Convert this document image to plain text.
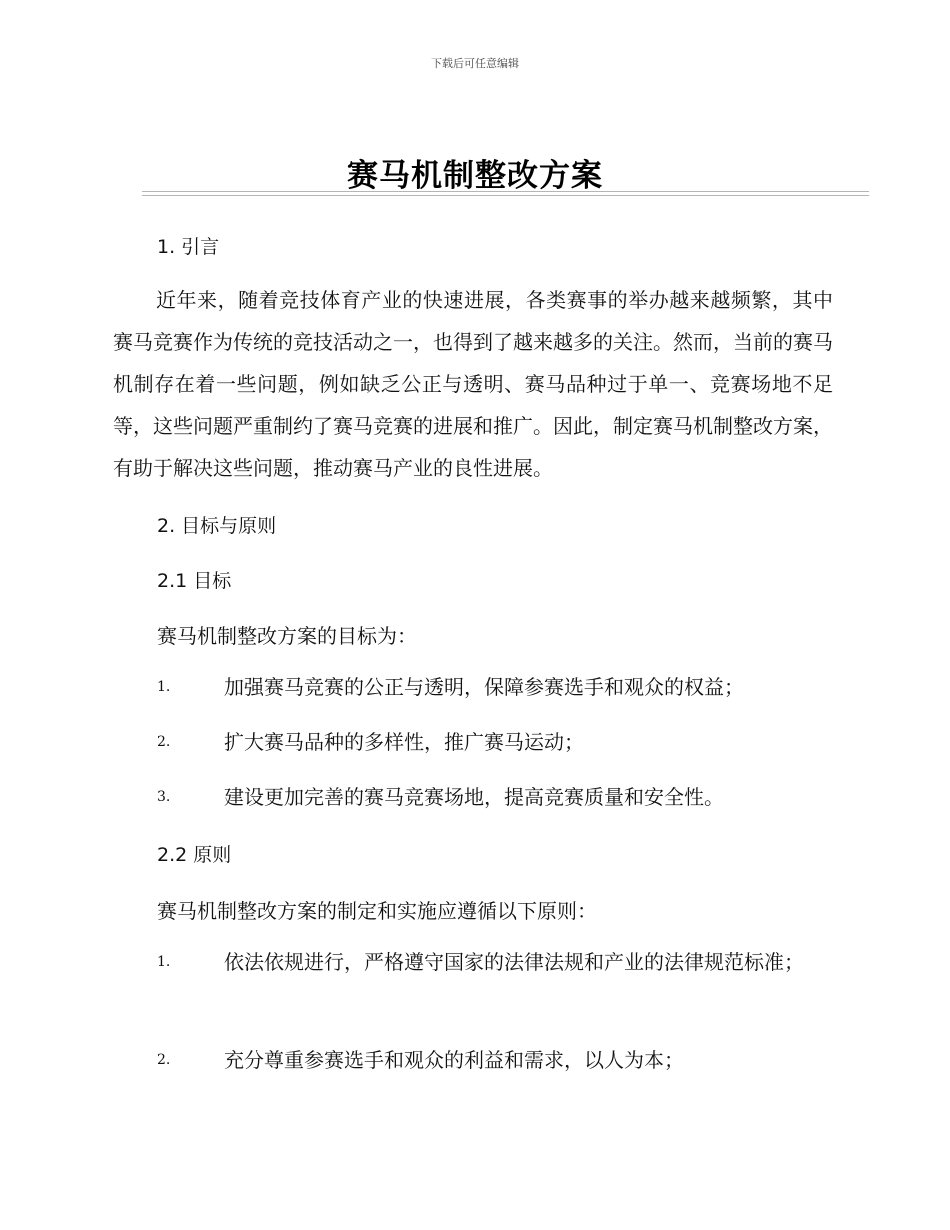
下载后可任意编辑
赛马机制整改方案
1. 引言
近年来，随着竞技体育产业的快速进展，各类赛事的举办越来越频繁，其中赛马竞赛作为传统的竞技活动之一，也得到了越来越多的关注。然而，当前的赛马机制存在着一些问题，例如缺乏公正与透明、赛马品种过于单一、竞赛场地不足等，这些问题严重制约了赛马竞赛的进展和推广。因此，制定赛马机制整改方案，有助于解决这些问题，推动赛马产业的良性进展。
2. 目标与原则
2.1 目标
赛马机制整改方案的目标为：
1.	加强赛马竞赛的公正与透明，保障参赛选手和观众的权益；
2.	扩大赛马品种的多样性，推广赛马运动；
3.	建设更加完善的赛马竞赛场地，提高竞赛质量和安全性。
2.2 原则
赛马机制整改方案的制定和实施应遵循以下原则：
1.	依法依规进行，严格遵守国家的法律法规和产业的法律规范标准；
2.	充分尊重参赛选手和观众的利益和需求，以人为本；
